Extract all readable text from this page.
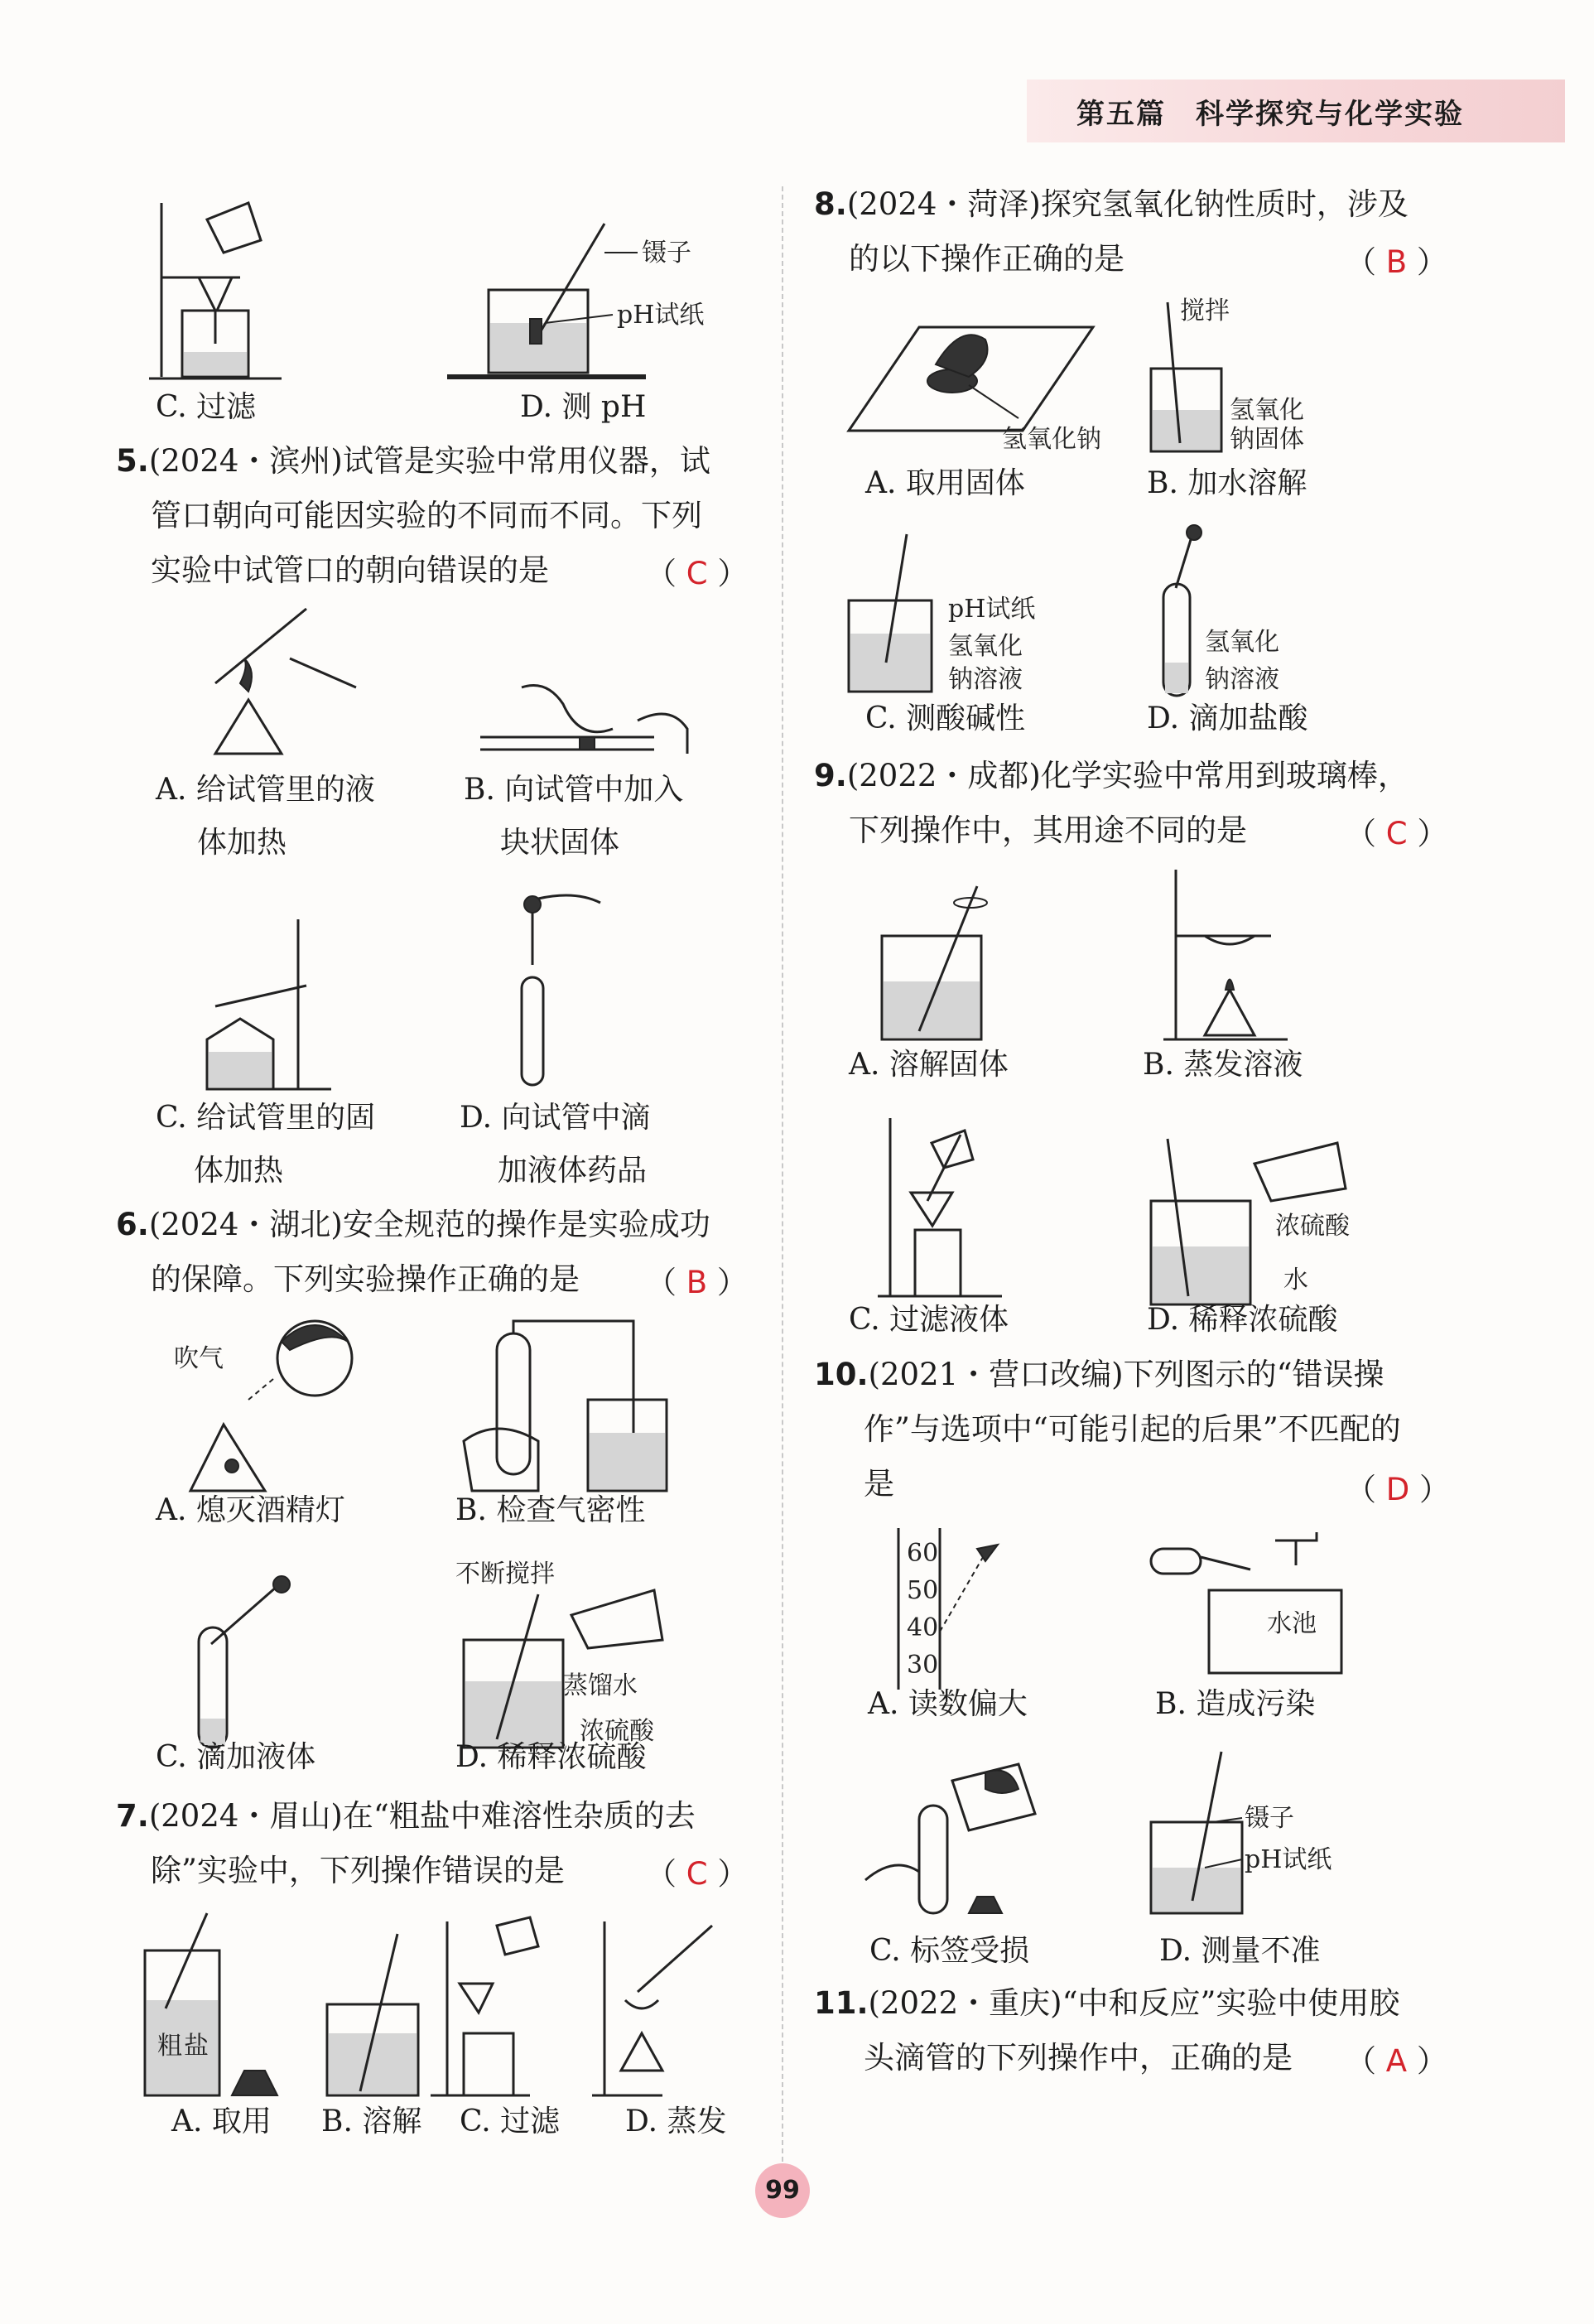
第五篇　科学探究与化学实验
镊子
pH试纸
C. 过滤	D. 测 pH
5.(2024・滨州)试管是实验中常用仪器，试
管口朝向可能因实验的不同而不同。下列
实验中试管口的朝向错误的是	（ C ）
A. 给试管里的液
体加热
B. 向试管中加入
块状固体
C. 给试管里的固
体加热
D. 向试管中滴
加液体药品
6.(2024・湖北)安全规范的操作是实验成功
的保障。下列实验操作正确的是	（ B ）
吹气
A. 熄灭酒精灯	B. 检查气密性
不断搅拌
蒸馏水
浓硫酸
C. 滴加液体	D. 稀释浓硫酸
7.(2024・眉山)在“粗盐中难溶性杂质的去
除”实验中，下列操作错误的是	（ C ）
粗 盐
A. 取用 B. 溶解 C. 过滤 D. 蒸发
8.(2024・菏泽)探究氢氧化钠性质时，涉及
的以下操作正确的是	（ B ）
氢氧化钠
搅拌
氢氧化
钠固体
A. 取用固体	B. 加水溶解
pH试纸
氢氧化
钠溶液
氢氧化
钠溶液
C. 测酸碱性	D. 滴加盐酸
9.(2022・成都)化学实验中常用到玻璃棒，
下列操作中，其用途不同的是	（ C ）
A. 溶解固体	B. 蒸发溶液
浓硫酸
水
C. 过滤液体	D. 稀释浓硫酸
10.(2021・营口改编)下列图示的“错误操
作”与选项中“可能引起的后果”不匹配的
是	（ D ）
60
50
40
30
水池
A. 读数偏大	B. 造成污染
镊子
pH试纸
C. 标签受损	D. 测量不准
11.(2022・重庆)“中和反应”实验中使用胶
头滴管的下列操作中，正确的是	（ A ）
99
